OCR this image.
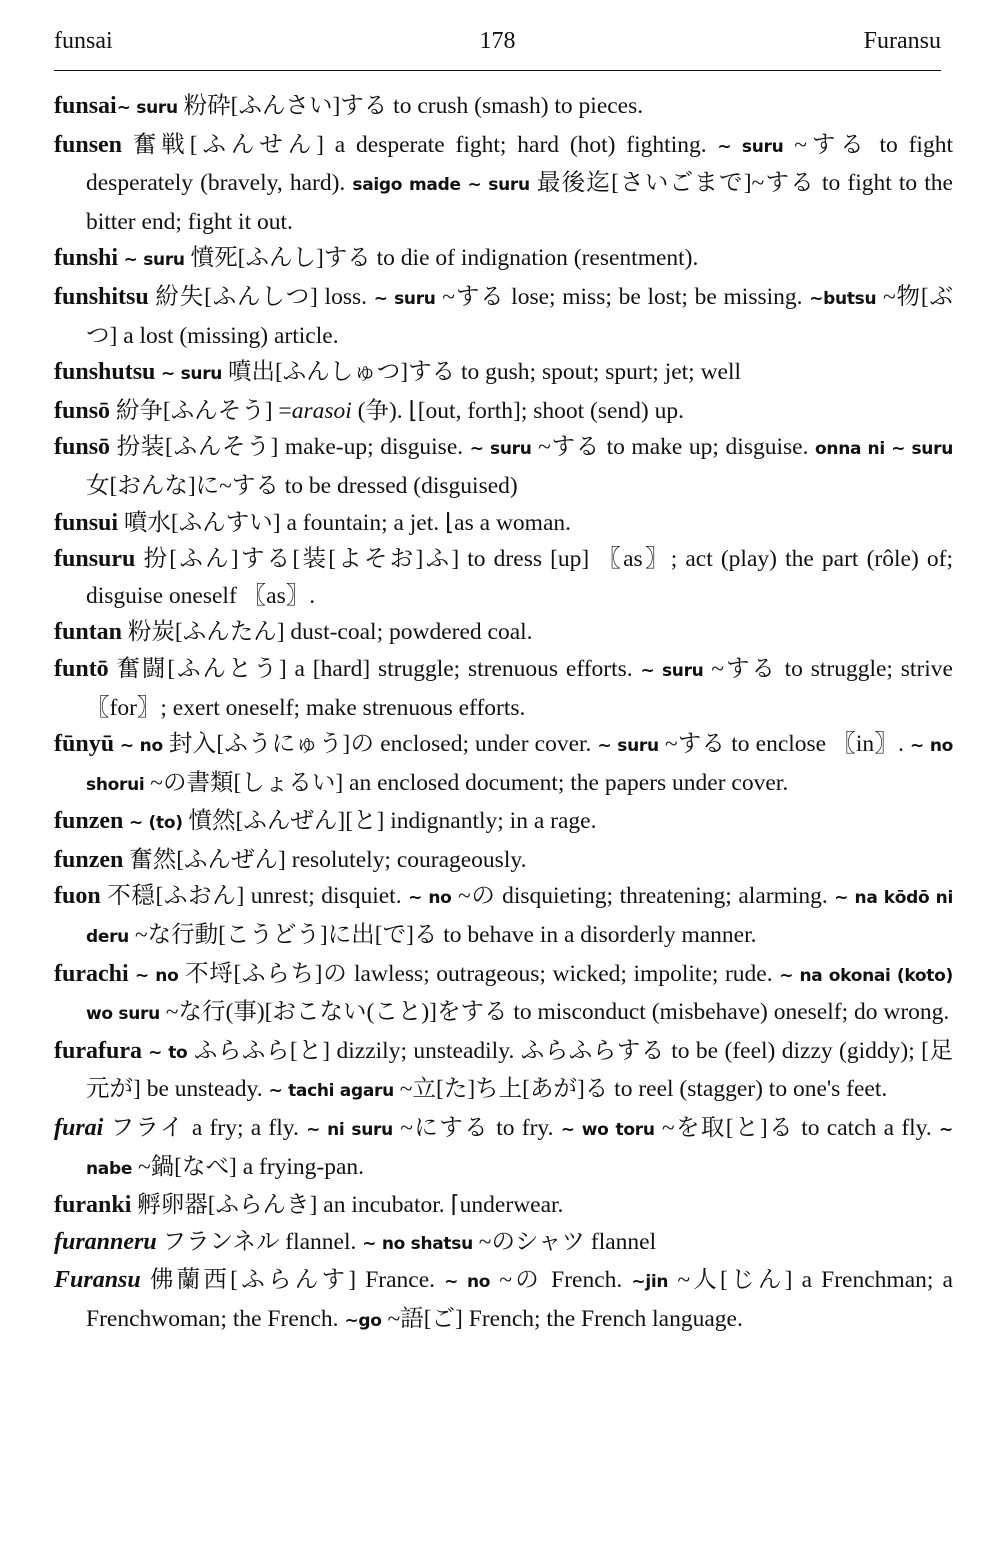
funsai	178	Furansu

funsai~ suru 粉砕[ふんさい]する to crush (smash) to pieces.

funsen 奮戦[ふんせん] a desperate fight; hard (hot) fighting. ~ suru ~する to fight desperately (bravely, hard). saigo made ~ suru 最後迄[さいごまで]~する to fight to the bitter end; fight it out.

funshi ~ suru 憤死[ふんし]する to die of indignation (resentment).

funshitsu 紛失[ふんしつ] loss. ~ suru ~する lose; miss; be lost; be missing. ~butsu ~物[ぶつ] a lost (missing) article.

funshutsu ~ suru 噴出[ふんしゅつ]する to gush; spout; spurt; jet; well

funsō 紛争[ふんそう] =arasoi (争). ⌊[out, forth]; shoot (send) up.

funsō 扮装[ふんそう] make-up; disguise. ~ suru ~する to make up; disguise. onna ni ~ suru 女[おんな]に~する to be dressed (disguised)

funsui 噴水[ふんすい] a fountain; a jet. ⌊as a woman.

funsuru 扮[ふん]する[装[よそお]ふ] to dress [up] 〖as〗; act (play) the part (rôle) of; disguise oneself 〖as〗.

funtan 粉炭[ふんたん] dust-coal; powdered coal.

funtō 奮闘[ふんとう] a [hard] struggle; strenuous efforts. ~ suru ~する to struggle; strive 〖for〗; exert oneself; make strenuous efforts.

fūnyū ~ no 封入[ふうにゅう]の enclosed; under cover. ~ suru ~する to enclose 〖in〗. ~ no shorui ~の書類[しょるい] an enclosed document; the papers under cover.

funzen ~ (to) 憤然[ふんぜん][と] indignantly; in a rage.

funzen 奮然[ふんぜん] resolutely; courageously.

fuon 不穏[ふおん] unrest; disquiet. ~ no ~の disquieting; threatening; alarming. ~ na kōdō ni deru ~な行動[こうどう]に出[で]る to behave in a disorderly manner.

furachi ~ no 不埒[ふらち]の lawless; outrageous; wicked; impolite; rude. ~ na okonai (koto) wo suru ~な行(事)[おこない(こと)]をする to misconduct (misbehave) oneself; do wrong.

furafura ~ to ふらふら[と] dizzily; unsteadily. ふらふらする to be (feel) dizzy (giddy); [足元が] be unsteady. ~ tachi agaru ~立[た]ち上[あが]る to reel (stagger) to one's feet.

furai フライ a fry; a fly. ~ ni suru ~にする to fry. ~ wo toru ~を取[と]る to catch a fly. ~ nabe ~鍋[なべ] a frying-pan.

furanki 孵卵器[ふらんき] an incubator. ⌈underwear.

furanneru フランネル flannel. ~ no shatsu ~のシャツ flannel

Furansu 佛蘭西[ふらんす] France. ~ no ~の French. ~jin ~人[じん] a Frenchman; a Frenchwoman; the French. ~go ~語[ご] French; the French language.
